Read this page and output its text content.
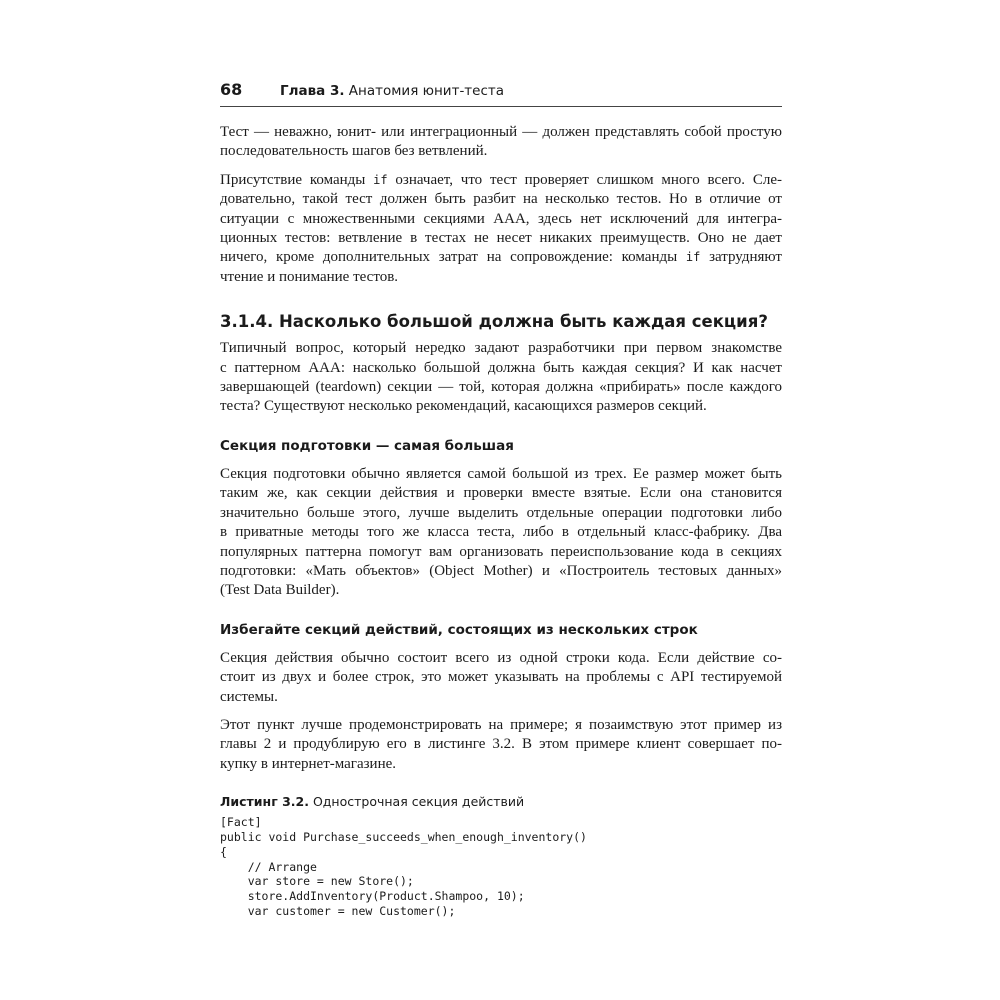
68	Глава 3. Анатомия юнит-теста

Тест — неважно, юнит- или интеграционный — должен представлять собой простую
последовательность шагов без ветвлений.

Присутствие команды if означает, что тест проверяет слишком много всего. Сле-
довательно, такой тест должен быть разбит на несколько тестов. Но в отличие от
ситуации с множественными секциями AAA, здесь нет исключений для интегра-
ционных тестов: ветвление в тестах не несет никаких преимуществ. Оно не дает
ничего, кроме дополнительных затрат на сопровождение: команды if затрудняют
чтение и понимание тестов.

3.1.4. Насколько большой должна быть каждая секция?

Типичный вопрос, который нередко задают разработчики при первом знакомстве
с паттерном AAA: насколько большой должна быть каждая секция? И как насчет
завершающей (teardown) секции — той, которая должна «прибирать» после каждого
теста? Существуют несколько рекомендаций, касающихся размеров секций.

Секция подготовки — самая большая

Секция подготовки обычно является самой большой из трех. Ее размер может быть
таким же, как секции действия и проверки вместе взятые. Если она становится
значительно больше этого, лучше выделить отдельные операции подготовки либо
в приватные методы того же класса теста, либо в отдельный класс-фабрику. Два
популярных паттерна помогут вам организовать переиспользование кода в секциях
подготовки: «Мать объектов» (Object Mother) и «Построитель тестовых данных»
(Test Data Builder).

Избегайте секций действий, состоящих из нескольких строк

Секция действия обычно состоит всего из одной строки кода. Если действие со-
стоит из двух и более строк, это может указывать на проблемы с API тестируемой
системы.

Этот пункт лучше продемонстрировать на примере; я позаимствую этот пример из
главы 2 и продублирую его в листинге 3.2. В этом примере клиент совершает по-
купку в интернет-магазине.

Листинг 3.2. Однострочная секция действий
[Fact]
public void Purchase_succeeds_when_enough_inventory()
{
// Arrange
var store = new Store();
store.AddInventory(Product.Shampoo, 10);
var customer = new Customer();
